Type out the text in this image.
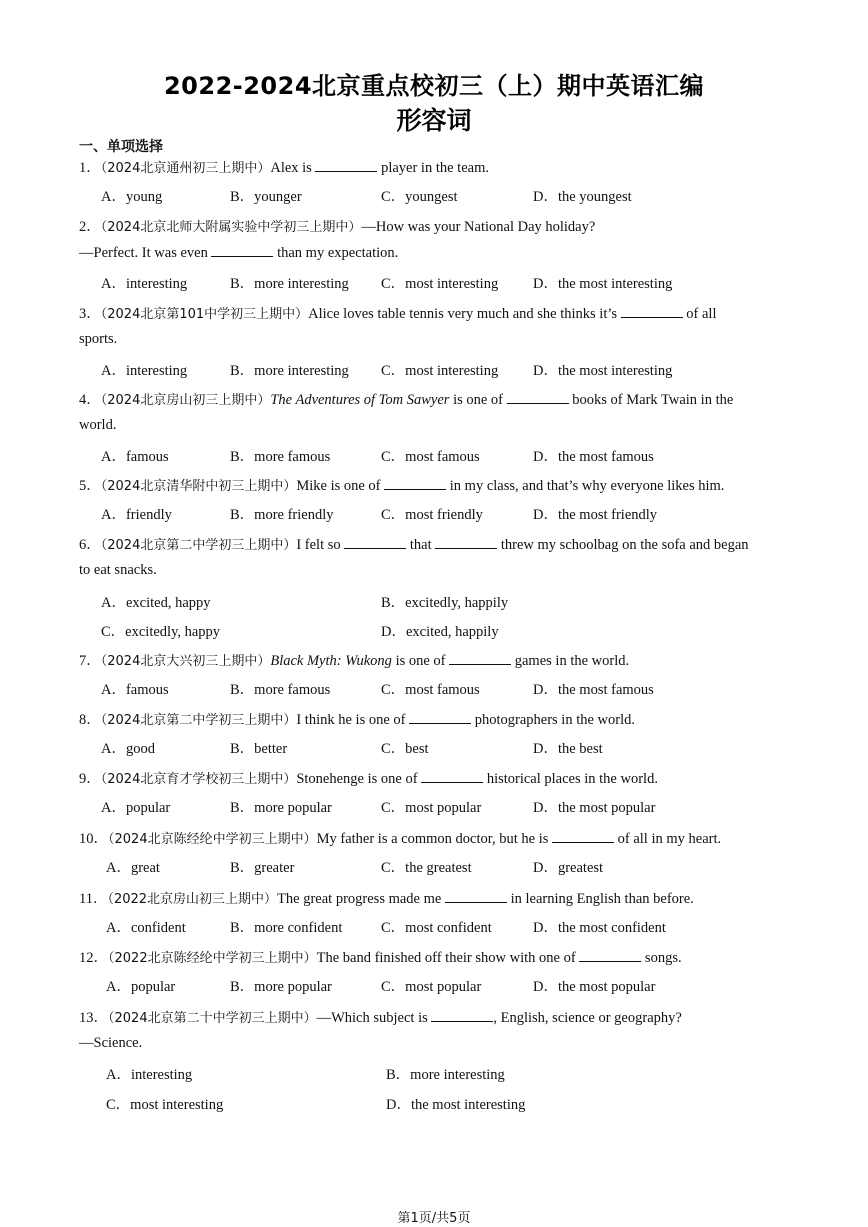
2022-2024北京重点校初三（上）期中英语汇编
形容词
一、单项选择
1．（2024北京通州初三上期中）Alex is	player in the team.
A．young	B．younger	C．youngest	D．the youngest
2．（2024北京北师大附属实验中学初三上期中）—How was your National Day holiday?
—Perfect. It was even	than my expectation.
A．interesting	B．more interesting C．most interesting D．the most interesting
3．（2024北京第101中学初三上期中）Alice loves table tennis very much and she thinks it’s	of all
sports.
A．interesting	B．more interesting C．most interesting D．the most interesting
4．（2024北京房山初三上期中）The Adventures of Tom Sawyer is one of	books of Mark Twain in the
world.
A．famous	B．more famous	C．most famous	D．the most famous
5．（2024北京清华附中初三上期中）Mike is one of	in my class, and that’s why everyone likes him.
A．friendly	B．more friendly	C．most friendly	D．the most friendly
6．（2024北京第二中学初三上期中）I felt so	that	threw my schoolbag on the sofa and began
to eat snacks.
A．excited, happy	B．excitedly, happily
C．excitedly, happy	D．excited, happily
7．（2024北京大兴初三上期中）Black Myth: Wukong is one of	games in the world.
A．famous	B．more famous	C．most famous	D．the most famous
8．（2024北京第二中学初三上期中）I think he is one of	photographers in the world.
A．good	B．better	C．best	D．the best
9．（2024北京育才学校初三上期中）Stonehenge is one of	historical places in the world.
A．popular	B．more popular	C．most popular	D．the most popular
10．（2024北京陈经纶中学初三上期中）My father is a common doctor, but he is	of all in my heart.
A．great	B．greater	C．the greatest	D．greatest
11．（2022北京房山初三上期中）The great progress made me	in learning English than before.
A．confident	B．more confident	C．most confident	D．the most confident
12．（2022北京陈经纶中学初三上期中）The band finished off their show with one of	songs.
A．popular	B．more popular	C．most popular	D．the most popular
13．（2024北京第二十中学初三上期中）—Which subject is	, English, science or geography?
—Science.
A．interesting	B．more interesting
C．most interesting	D．the most interesting
第1页/共5页
